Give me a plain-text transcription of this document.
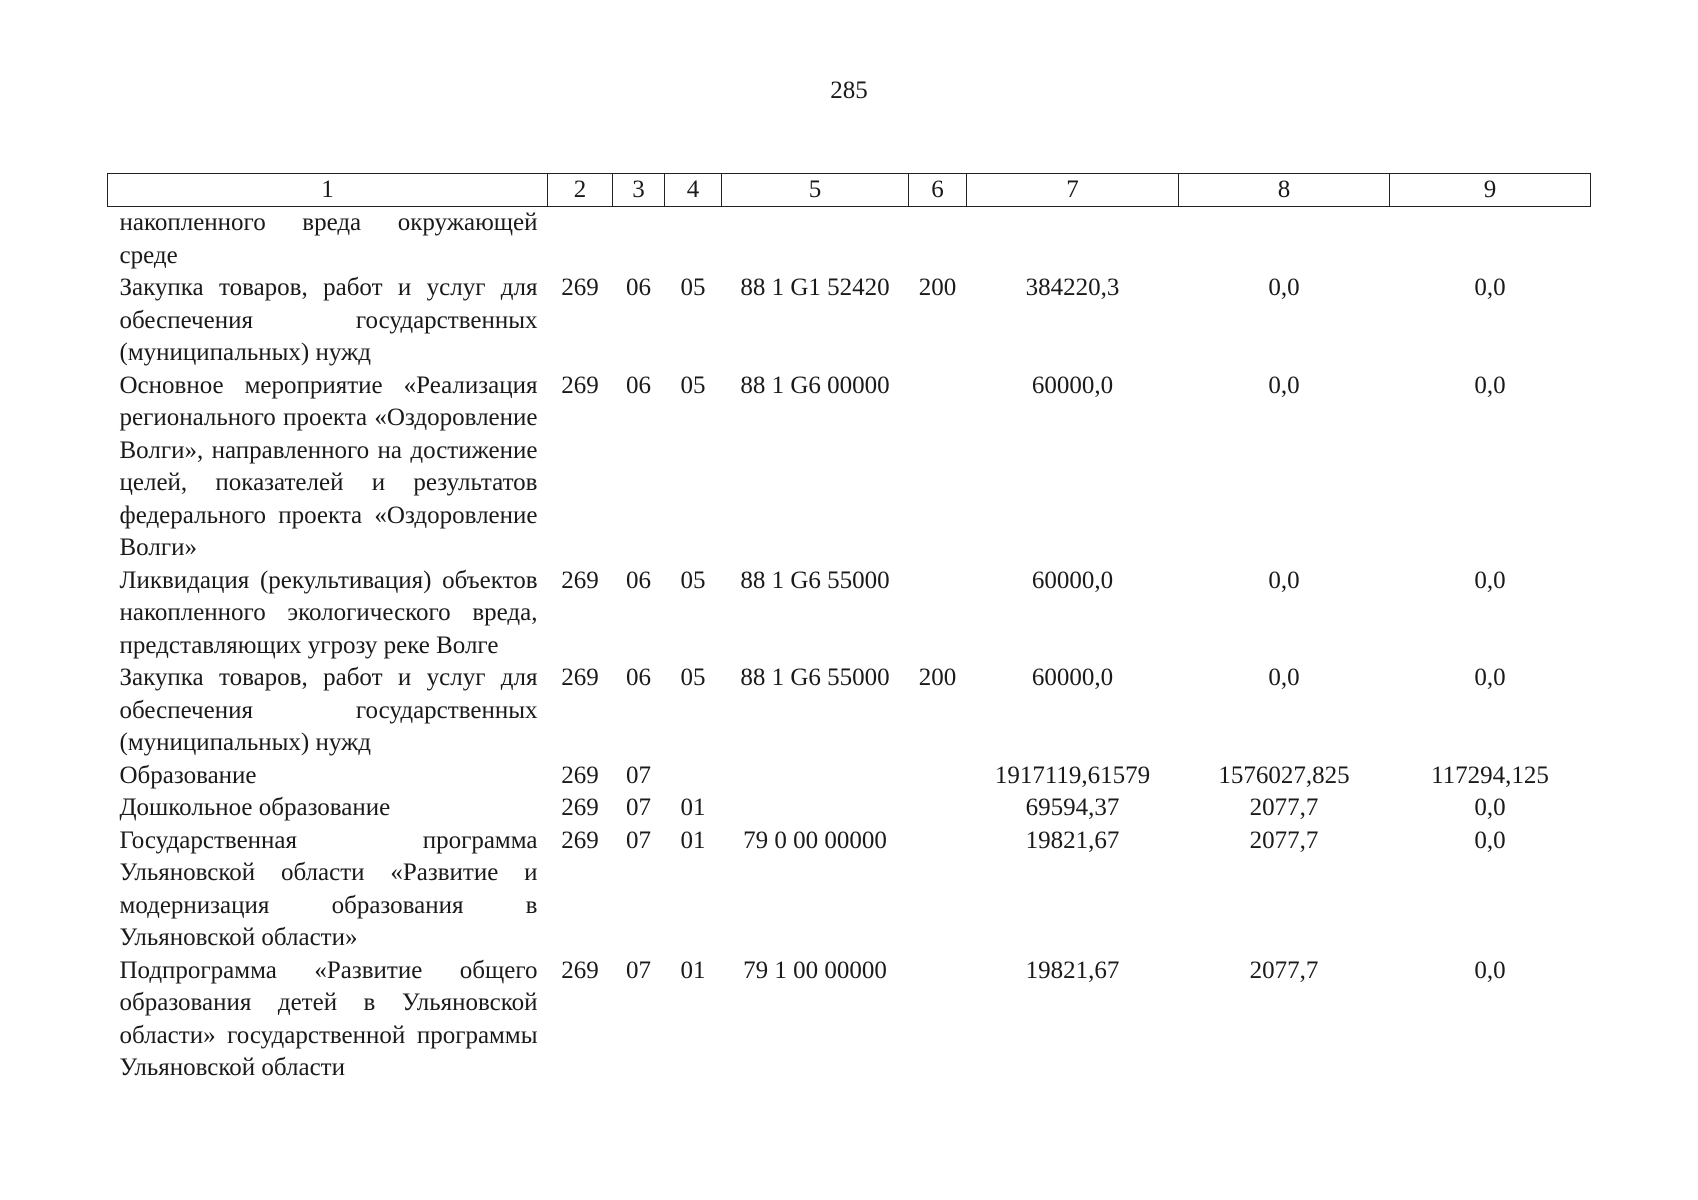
285
1	2	3	4	5	6	7	8	9
накопленного вреда окружающей среде								
Закупка товаров, работ и услуг для обеспечения государственных (муниципальных) нужд	269	06	05	88 1 G1 52420	200	384220,3	0,0	0,0
Основное мероприятие «Реализация регионального проекта «Оздоровление Волги», направленного на достижение целей, показателей и результатов федерального проекта «Оздоровление Волги»	269	06	05	88 1 G6 00000		60000,0	0,0	0,0
Ликвидация (рекультивация) объектов накопленного экологического вреда, представляющих угрозу реке Волге	269	06	05	88 1 G6 55000		60000,0	0,0	0,0
Закупка товаров, работ и услуг для обеспечения государственных (муниципальных) нужд	269	06	05	88 1 G6 55000	200	60000,0	0,0	0,0
Образование	269	07				1917119,61579	1576027,825	117294,125
Дошкольное образование	269	07	01			69594,37	2077,7	0,0
Государственная программа Ульяновской области «Развитие и модернизация образования в Ульяновской области»	269	07	01	79 0 00 00000		19821,67	2077,7	0,0
Подпрограмма «Развитие общего образования детей в Ульяновской области» государственной программы Ульяновской области	269	07	01	79 1 00 00000		19821,67	2077,7	0,0
